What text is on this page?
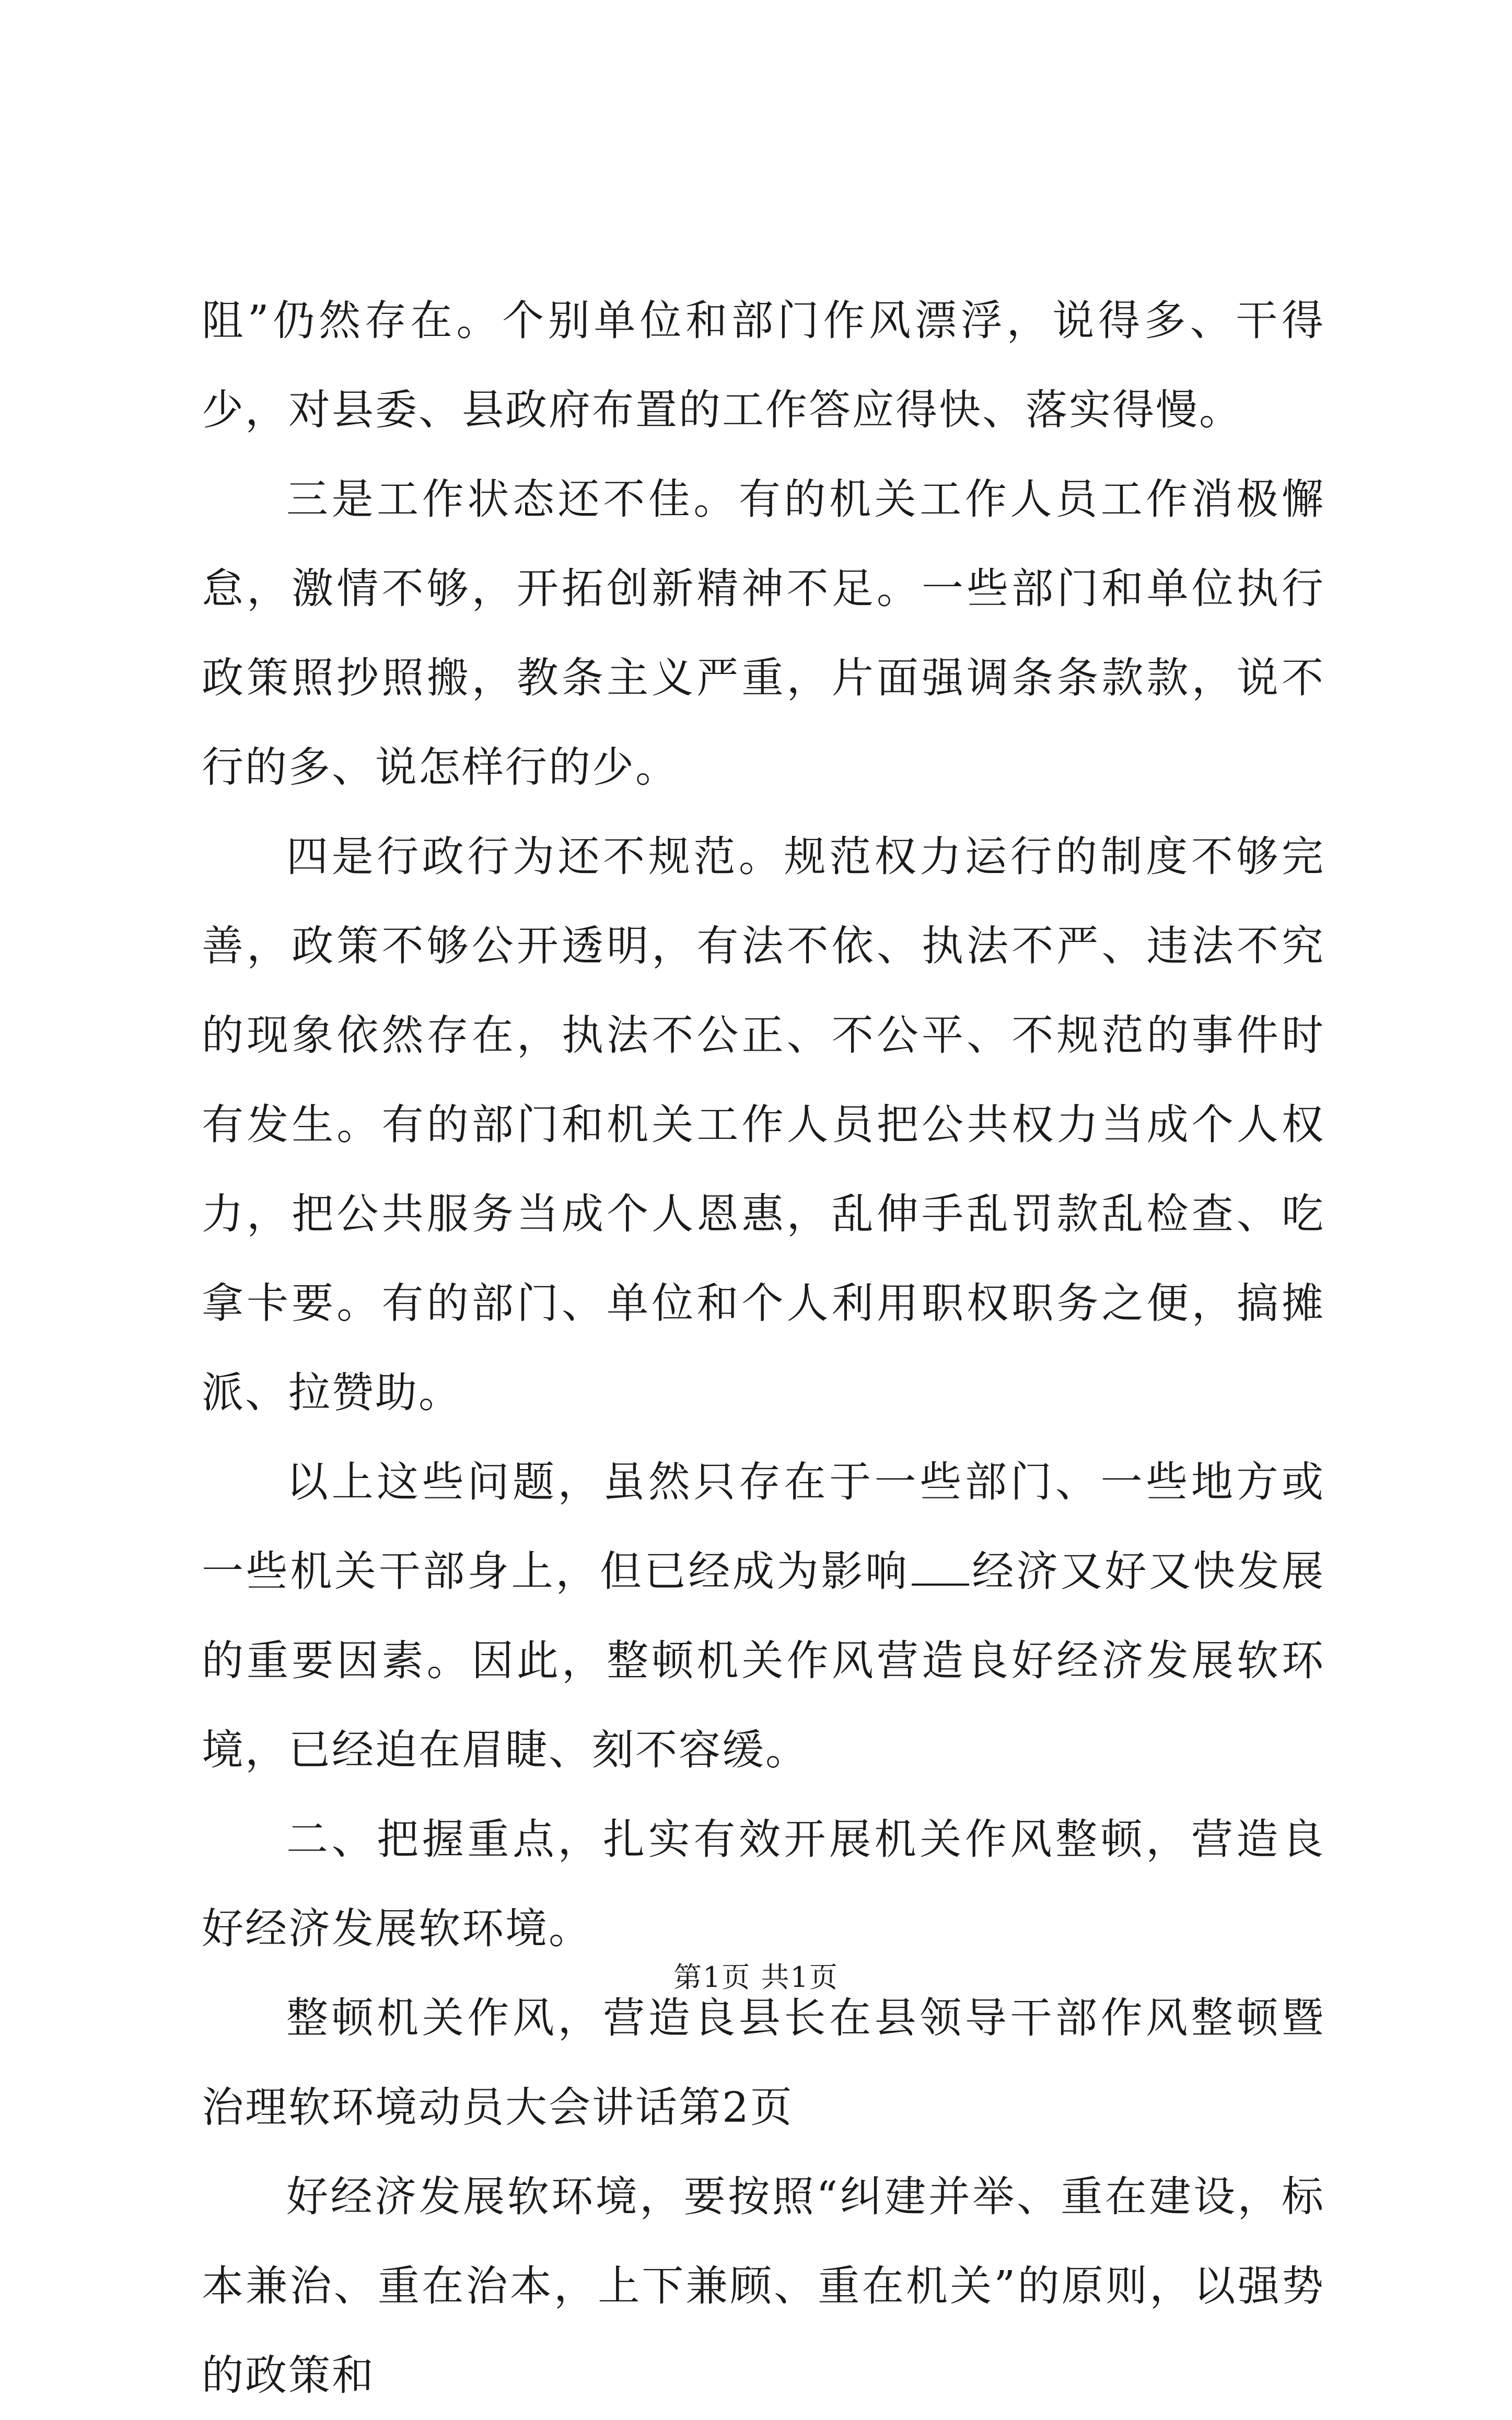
阻”仍然存在。个别单位和部门作风漂浮，说得多、干得少，对县委、县政府布置的工作答应得快、落实得慢。

三是工作状态还不佳。有的机关工作人员工作消极懈怠，激情不够，开拓创新精神不足。一些部门和单位执行政策照抄照搬，教条主义严重，片面强调条条款款，说不行的多、说怎样行的少。

四是行政行为还不规范。规范权力运行的制度不够完善，政策不够公开透明，有法不依、执法不严、违法不究的现象依然存在，执法不公正、不公平、不规范的事件时有发生。有的部门和机关工作人员把公共权力当成个人权力，把公共服务当成个人恩惠，乱伸手乱罚款乱检查、吃拿卡要。有的部门、单位和个人利用职权职务之便，搞摊派、拉赞助。

以上这些问题，虽然只存在于一些部门、一些地方或一些机关干部身上，但已经成为影响 经济又好又快发展的重要因素。因此，整顿机关作风营造良好经济发展软环境，已经迫在眉睫、刻不容缓。

二、把握重点，扎实有效开展机关作风整顿，营造良好经济发展软环境。

整顿机关作风，营造良县长在县领导干部作风整顿暨治理软环境动员大会讲话第2页

好经济发展软环境，要按照“纠建并举、重在建设，标本兼治、重在治本，上下兼顾、重在机关”的原则，以强势的政策和

第1页 共1页
